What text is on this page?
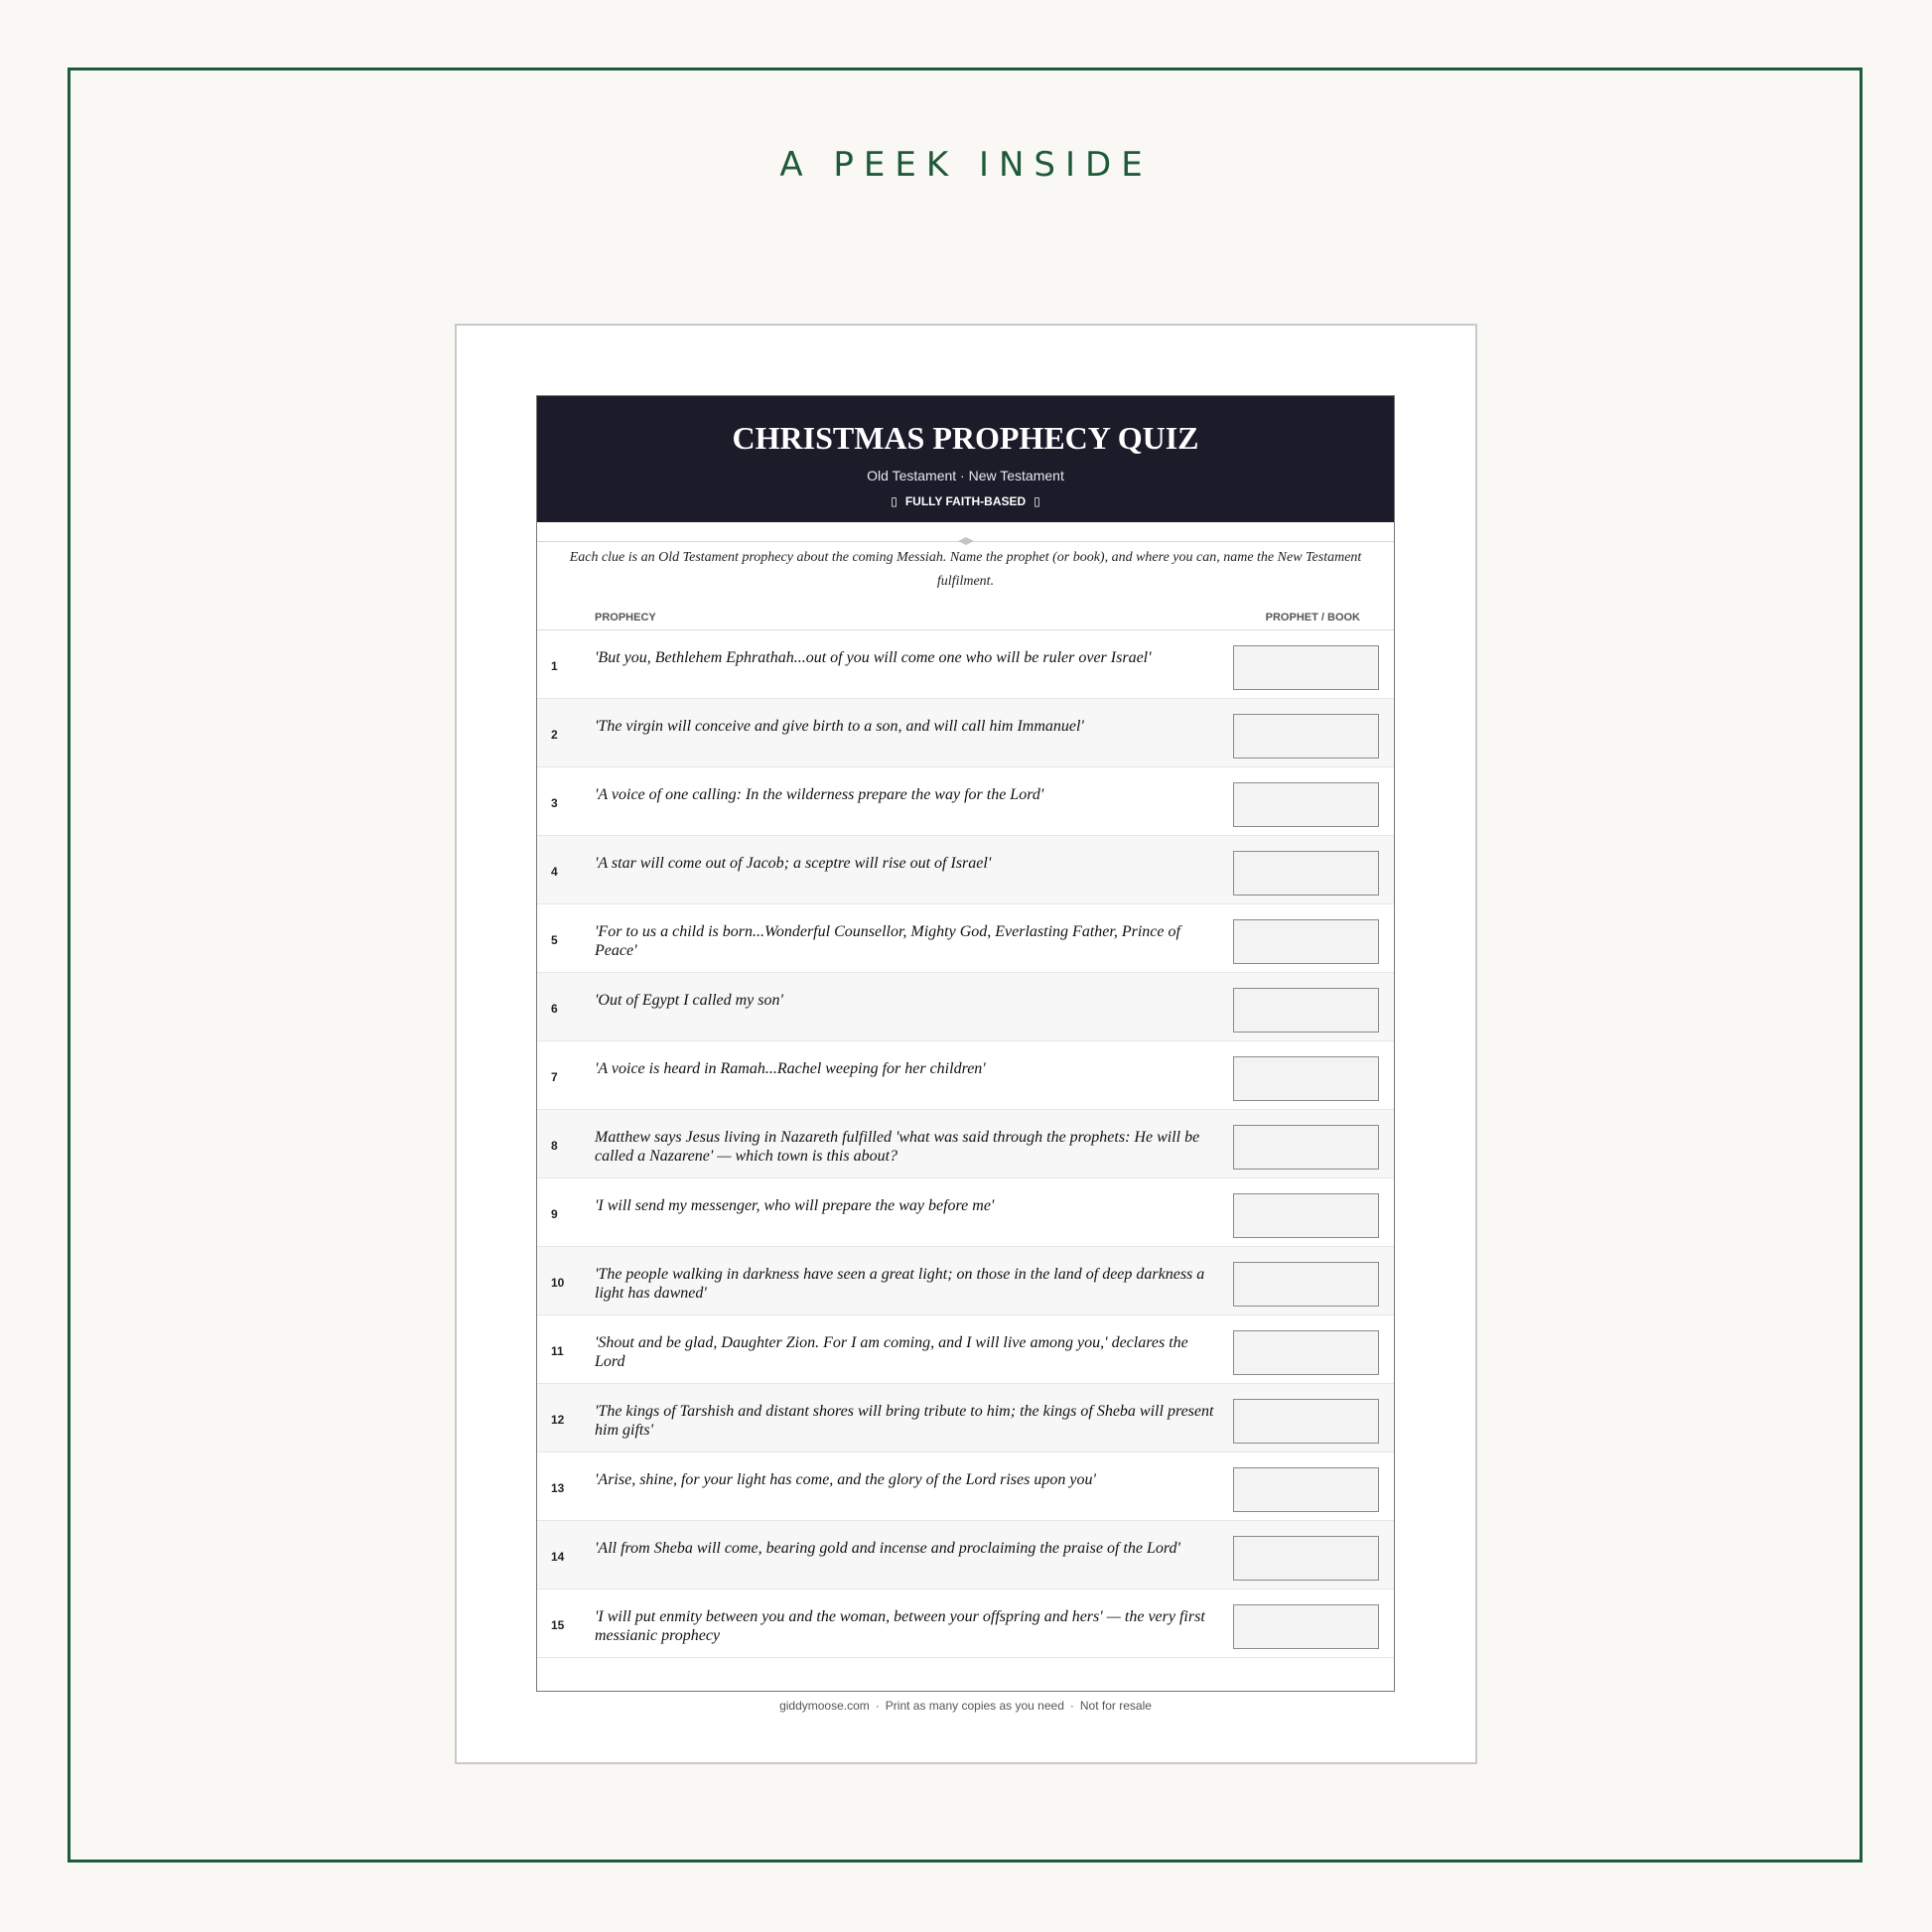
A PEEK INSIDE
CHRISTMAS PROPHECY QUIZ
Old Testament · New Testament
▯ FULLY FAITH-BASED ▯
Each clue is an Old Testament prophecy about the coming Messiah. Name the prophet (or book), and where you can, name the New Testament fulfilment.
PROPHECY	PROPHET / BOOK
1	'But you, Bethlehem Ephrathah...out of you will come one who will be ruler over Israel'
2	'The virgin will conceive and give birth to a son, and will call him Immanuel'
3	'A voice of one calling: In the wilderness prepare the way for the Lord'
4	'A star will come out of Jacob; a sceptre will rise out of Israel'
5	'For to us a child is born...Wonderful Counsellor, Mighty God, Everlasting Father, Prince of Peace'
6	'Out of Egypt I called my son'
7	'A voice is heard in Ramah...Rachel weeping for her children'
8	Matthew says Jesus living in Nazareth fulfilled 'what was said through the prophets: He will be called a Nazarene' — which town is this about?
9	'I will send my messenger, who will prepare the way before me'
10 'The people walking in darkness have seen a great light; on those in the land of deep darkness a light has dawned'
11 'Shout and be glad, Daughter Zion. For I am coming, and I will live among you,' declares the Lord
12 'The kings of Tarshish and distant shores will bring tribute to him; the kings of Sheba will present him gifts'
13 'Arise, shine, for your light has come, and the glory of the Lord rises upon you'
14 'All from Sheba will come, bearing gold and incense and proclaiming the praise of the Lord'
15 'I will put enmity between you and the woman, between your offspring and hers' — the very first messianic prophecy
giddymoose.com · Print as many copies as you need · Not for resale
